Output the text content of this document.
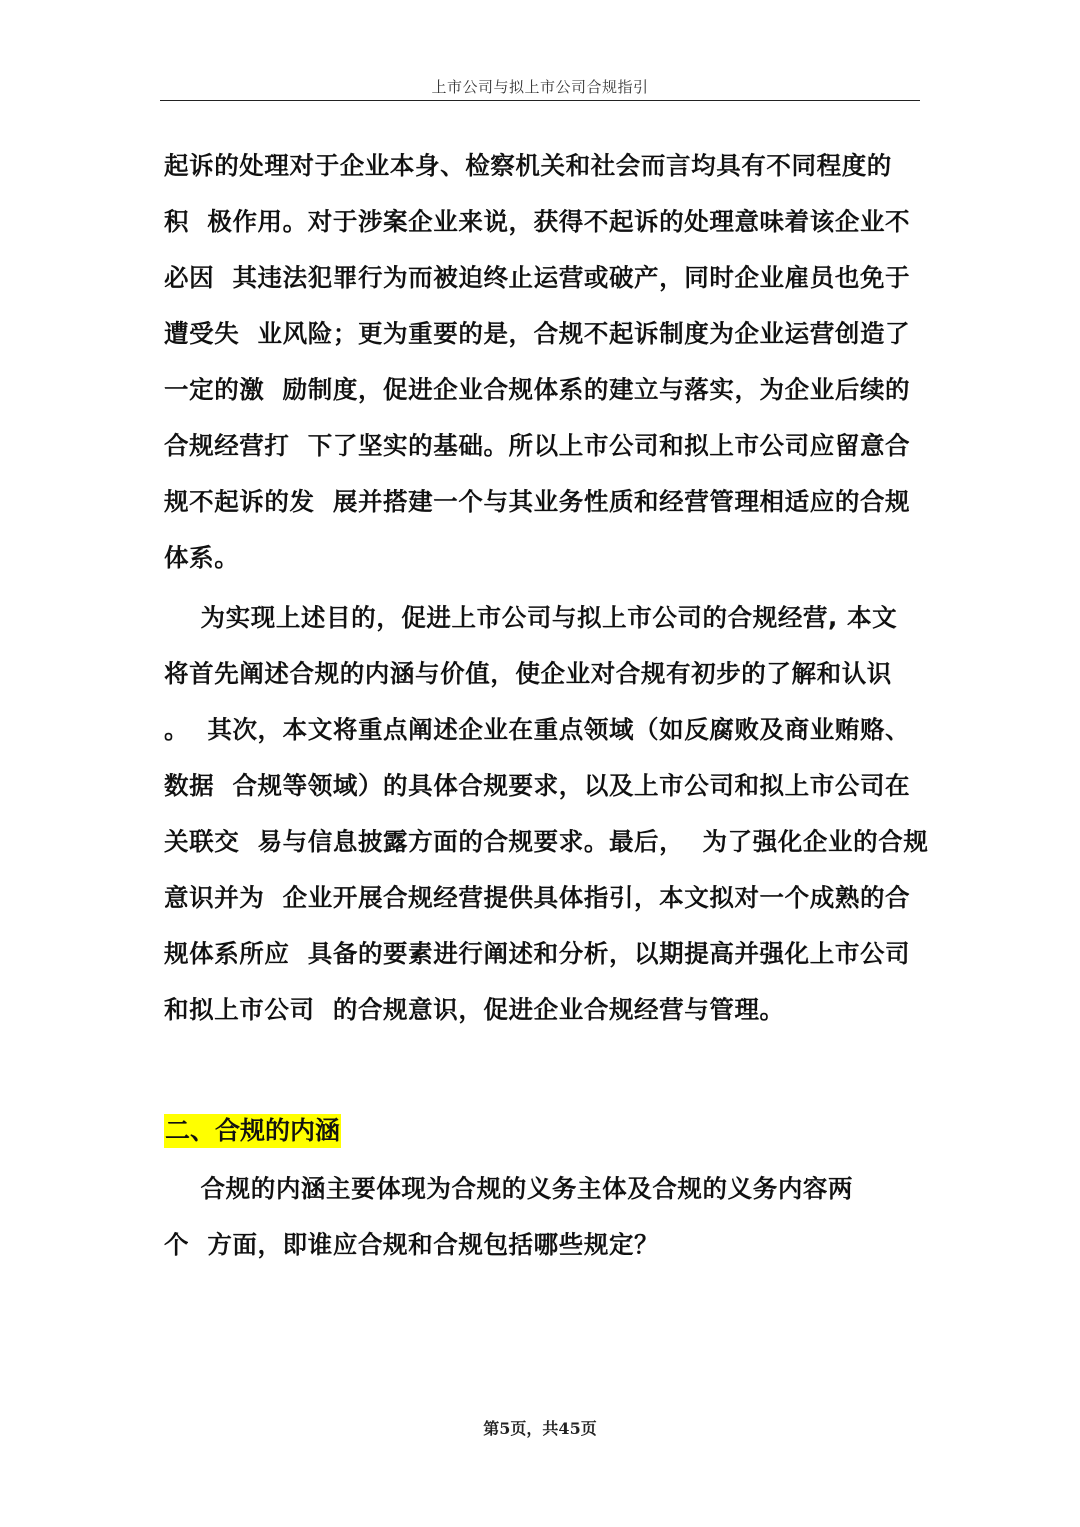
上市公司与拟上市公司合规指引
起诉的处理对于企业本身、检察机关和社会而言均具有不同程度的
积  极作用。对于涉案企业来说，获得不起诉的处理意味着该企业不
必因  其违法犯罪行为而被迫终止运营或破产，同时企业雇员也免于
遭受失  业风险；更为重要的是，合规不起诉制度为企业运营创造了
一定的激  励制度，促进企业合规体系的建立与落实，为企业后续的
合规经营打  下了坚实的基础。所以上市公司和拟上市公司应留意合
规不起诉的发  展并搭建一个与其业务性质和经营管理相适应的合规
体系。
为实现上述目的，促进上市公司与拟上市公司的合规经营, 本文
将首先阐述合规的内涵与价值，使企业对合规有初步的了解和认识
。  其次，本文将重点阐述企业在重点领域（如反腐败及商业贿赂、
数据  合规等领域）的具体合规要求，以及上市公司和拟上市公司在
关联交  易与信息披露方面的合规要求。最后，  为了强化企业的合规
意识并为  企业开展合规经营提供具体指引，本文拟对一个成熟的合
规体系所应  具备的要素进行阐述和分析，以期提高并强化上市公司
和拟上市公司  的合规意识，促进企业合规经营与管理。
二、合规的内涵
合规的内涵主要体现为合规的义务主体及合规的义务内容两
个  方面，即谁应合规和合规包括哪些规定？
第5页，共45页
